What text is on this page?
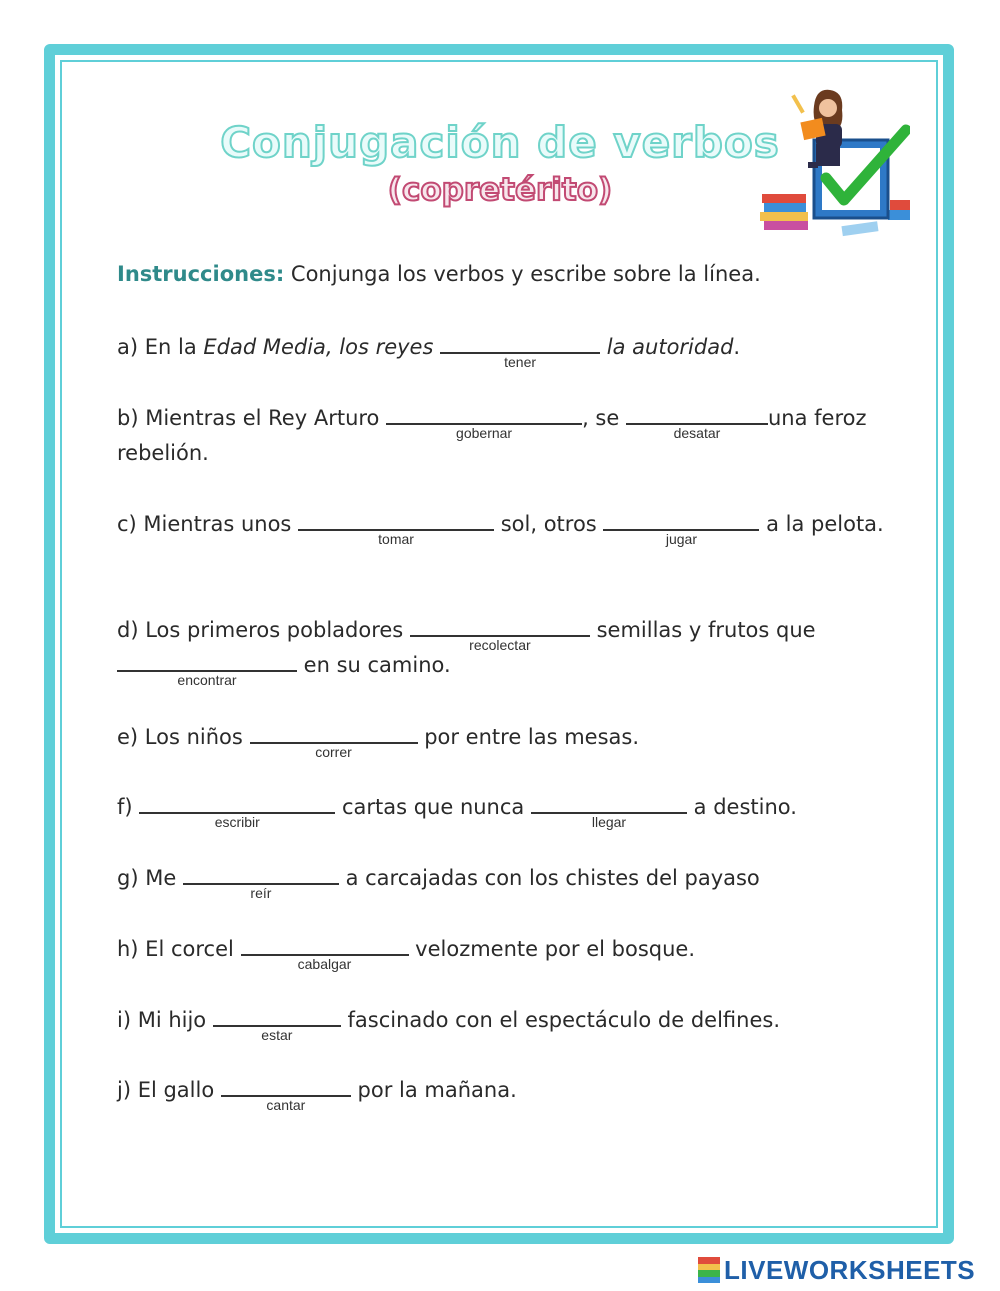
Conjugación de verbos
(copretérito)
Instrucciones: Conjunga los verbos y escribe sobre la línea.
a) En la Edad Media, los reyes
tener
la autoridad.
b) Mientras el Rey Arturo
gobernar
, se
desatar
una feroz rebelión.
c) Mientras unos
tomar
sol, otros
jugar
a la pelota.
d) Los primeros pobladores
recolectar
semillas y frutos que
encontrar
en su camino.
e) Los niños
correr
por entre las mesas.
f)
escribir
cartas que nunca
llegar
a destino.
g) Me
reír
a carcajadas con los chistes del payaso
h) El corcel
cabalgar
velozmente por el bosque.
i) Mi hijo
estar
fascinado con el espectáculo de delfines.
j) El gallo
cantar
por la mañana.
LIVEWORKSHEETS
